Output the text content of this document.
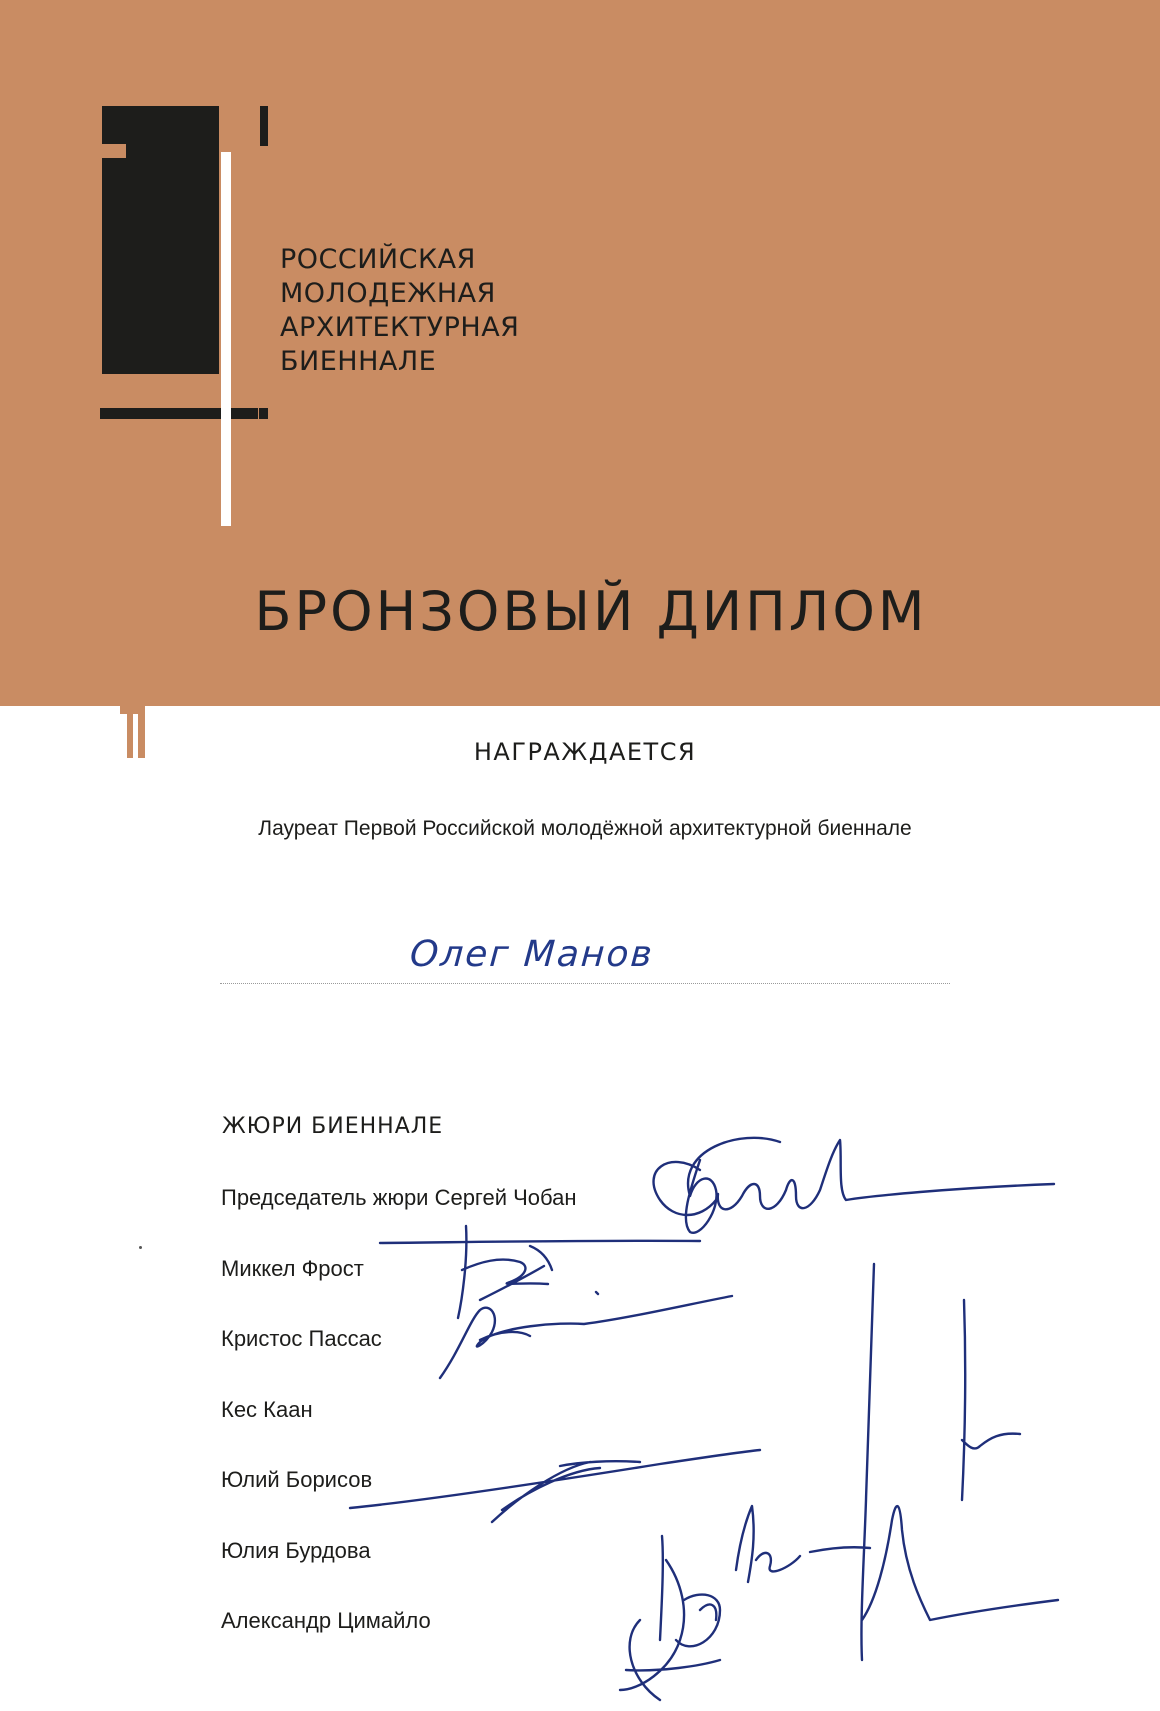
РОССИЙСКАЯ
МОЛОДЕЖНАЯ
АРХИТЕКТУРНАЯ
БИЕННАЛЕ
БРОНЗОВЫЙ ДИПЛОМ
НАГРАЖДАЕТСЯ
Лауреат Первой Российской молодёжной архитектурной биеннале
Олег Манов
ЖЮРИ БИЕННАЛЕ
Председатель жюри Сергей Чобан
Миккел Фрост
Кристос Пассас
Кес Каан
Юлий Борисов
Юлия Бурдова
Александр Цимайло
